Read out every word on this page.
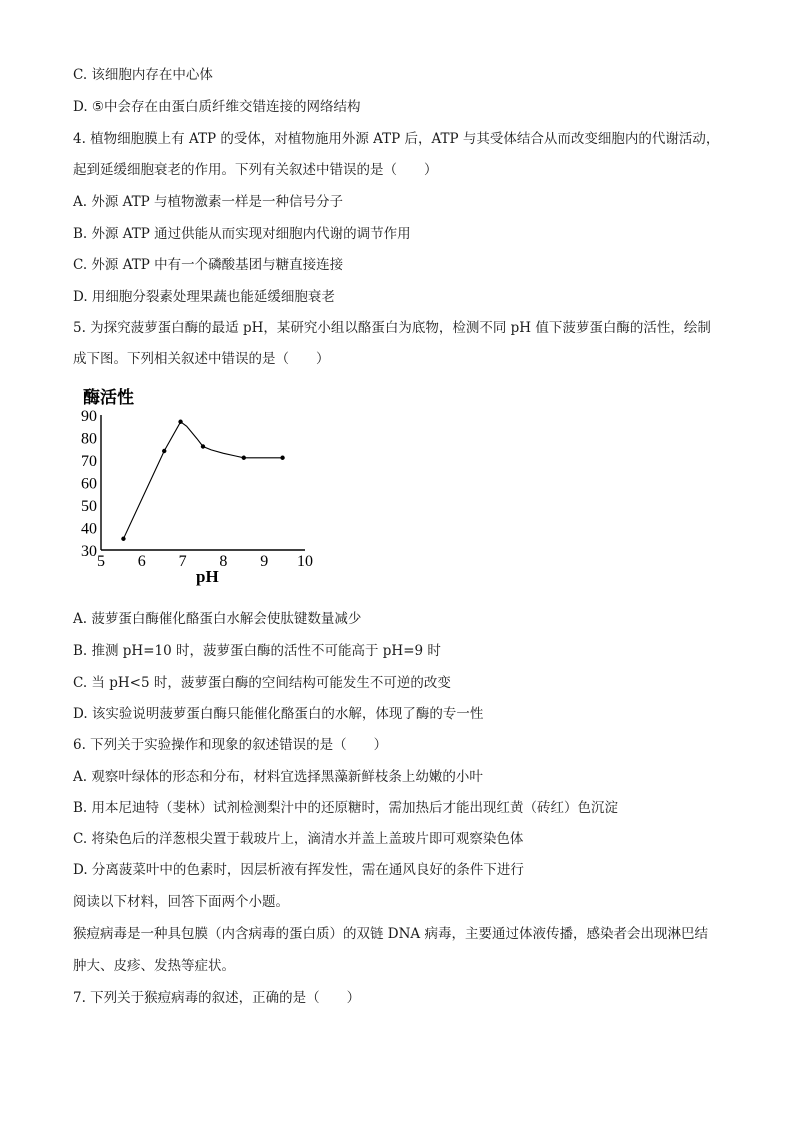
C. 该细胞内存在中心体
D. ⑤中会存在由蛋白质纤维交错连接的网络结构
4. 植物细胞膜上有 ATP 的受体，对植物施用外源 ATP 后，ATP 与其受体结合从而改变细胞内的代谢活动，
起到延缓细胞衰老的作用。下列有关叙述中错误的是（　　）
A. 外源 ATP 与植物激素一样是一种信号分子
B. 外源 ATP 通过供能从而实现对细胞内代谢的调节作用
C. 外源 ATP 中有一个磷酸基团与糖直接连接
D. 用细胞分裂素处理果蔬也能延缓细胞衰老
5. 为探究菠萝蛋白酶的最适 pH，某研究小组以酪蛋白为底物，检测不同 pH 值下菠萝蛋白酶的活性，绘制
成下图。下列相关叙述中错误的是（　　）
酶活性
pH
30
40
50
60
70
80
90
5 6 7 8 9 10
A. 菠萝蛋白酶催化酪蛋白水解会使肽键数量减少
B. 推测 pH=10 时，菠萝蛋白酶的活性不可能高于 pH=9 时
C. 当 pH<5 时，菠萝蛋白酶的空间结构可能发生不可逆的改变
D. 该实验说明菠萝蛋白酶只能催化酪蛋白的水解，体现了酶的专一性
6. 下列关于实验操作和现象的叙述错误的是（　　）
A. 观察叶绿体的形态和分布，材料宜选择黑藻新鲜枝条上幼嫩的小叶
B. 用本尼迪特（斐林）试剂检测梨汁中的还原糖时，需加热后才能出现红黄（砖红）色沉淀
C. 将染色后的洋葱根尖置于载玻片上，滴清水并盖上盖玻片即可观察染色体
D. 分离菠菜叶中的色素时，因层析液有挥发性，需在通风良好的条件下进行
阅读以下材料，回答下面两个小题。
猴痘病毒是一种具包膜（内含病毒的蛋白质）的双链 DNA 病毒，主要通过体液传播，感染者会出现淋巴结
肿大、皮疹、发热等症状。
7. 下列关于猴痘病毒的叙述，正确的是（　　）
